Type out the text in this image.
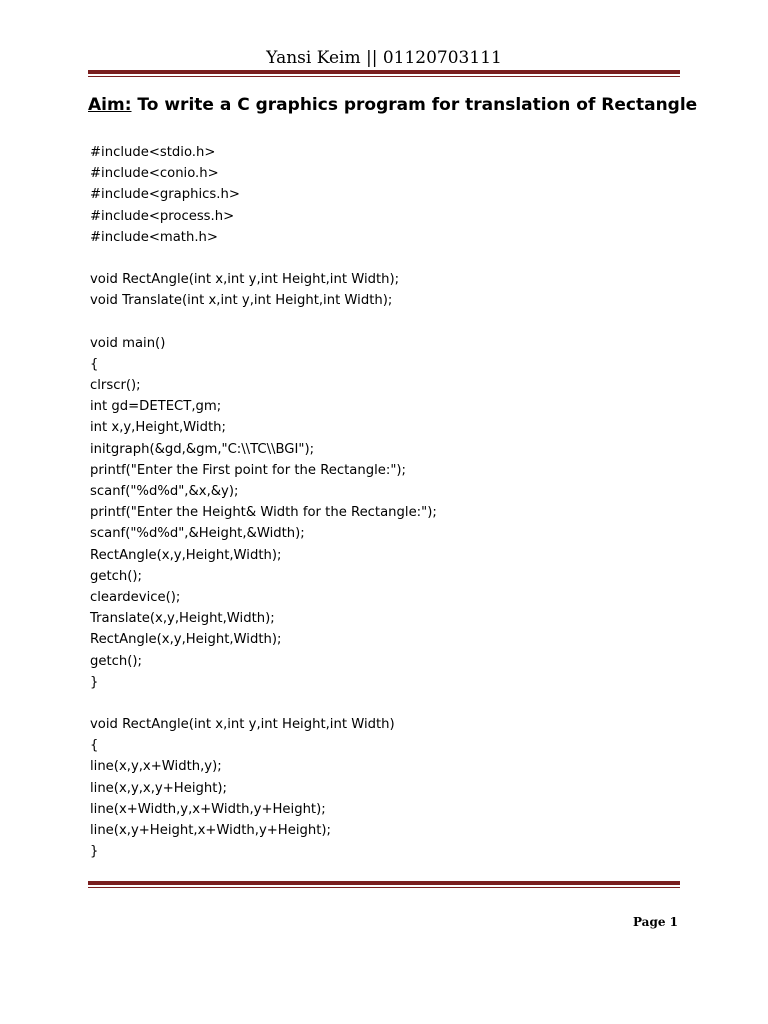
Yansi Keim || 01120703111
Aim: To write a C graphics program for translation of Rectangle
#include<stdio.h>
#include<conio.h>
#include<graphics.h>
#include<process.h>
#include<math.h>
void RectAngle(int x,int y,int Height,int Width);
void Translate(int x,int y,int Height,int Width);
void main()
{
clrscr();
int gd=DETECT,gm;
int x,y,Height,Width;
initgraph(&gd,&gm,"C:\\TC\\BGI");
printf("Enter the First point for the Rectangle:");
scanf("%d%d",&x,&y);
printf("Enter the Height& Width for the Rectangle:");
scanf("%d%d",&Height,&Width);
RectAngle(x,y,Height,Width);
getch();
cleardevice();
Translate(x,y,Height,Width);
RectAngle(x,y,Height,Width);
getch();
}
void RectAngle(int x,int y,int Height,int Width)
{
line(x,y,x+Width,y);
line(x,y,x,y+Height);
line(x+Width,y,x+Width,y+Height);
line(x,y+Height,x+Width,y+Height);
}
Page 1
